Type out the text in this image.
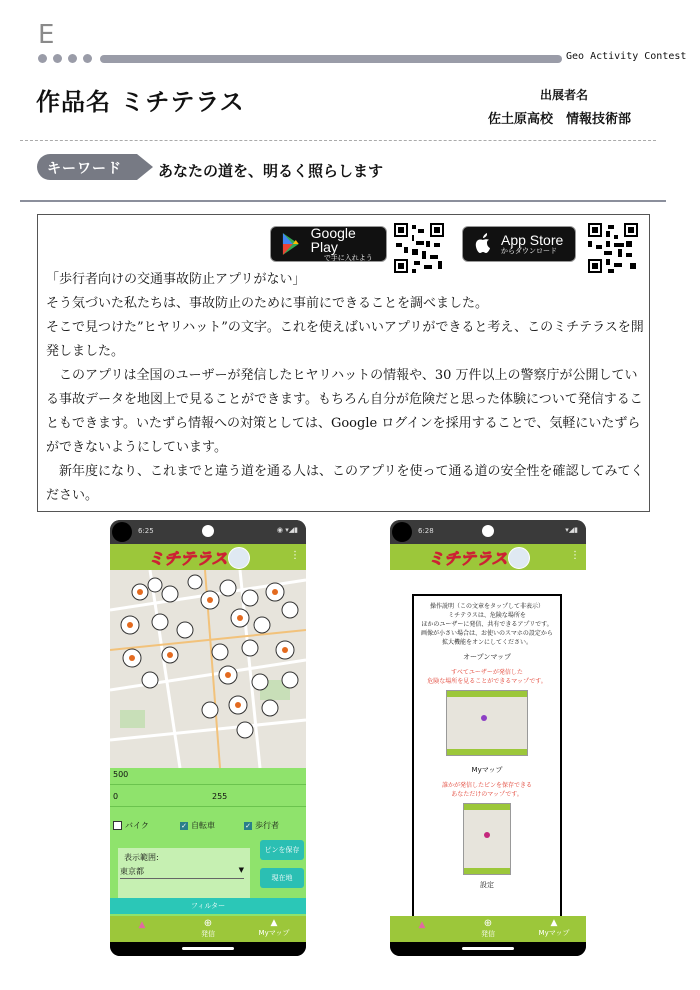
E
Geo Activity Contest
作品名 ミチテラス	出展者名
佐土原高校　情報技術部
キーワード あなたの道を、明るく照らします
Google Play
で手に入れよう
App Store
からダウンロード

「歩行者向けの交通事故防止アプリがない」

そう気づいた私たちは、事故防止のために事前にできることを調べました。

そこで見つけた”ヒヤリハット”の文字。これを使えばいいアプリができると考え、このミチテラスを開発しました。

　このアプリは全国のユーザーが発信したヒヤリハットの情報や、30 万件以上の警察庁が公開している事故データを地図上で見ることができます。もちろん自分が危険だと思った体験について発信することもできます。いたずら情報への対策としては、Google ログインを採用することで、気軽にいたずらができないようにしています。

　新年度になり、これまでと違う道を通る人は、このアプリを使って通る道の安全性を確認してみてください。

6:25	◉ ▾◢▮
ミチテラス	⋮
500
0	255
バイク	✓ 自転車	✓ 歩行者
表示範囲:
東京都	▼
ピンを保存
現在地
フィルター
▲	⊕
発信
▲
Myマップ
6:28	▾◢▮
ミチテラス	⋮
操作説明（この文章をタップして非表示）
ミチテラスは、危険な場所を
ほかのユーザーに発信、共有できるアプリです。
画像が小さい場合は、お使いのスマホの設定から
拡大機能をオンにしてください。
オープンマップ
すべてユーザーが発信した
危険な場所を見ることができるマップです。
Myマップ
誰かが発信したピンを保存できる
あなただけのマップです。
設定
▲	⊕
発信
▲
Myマップ
